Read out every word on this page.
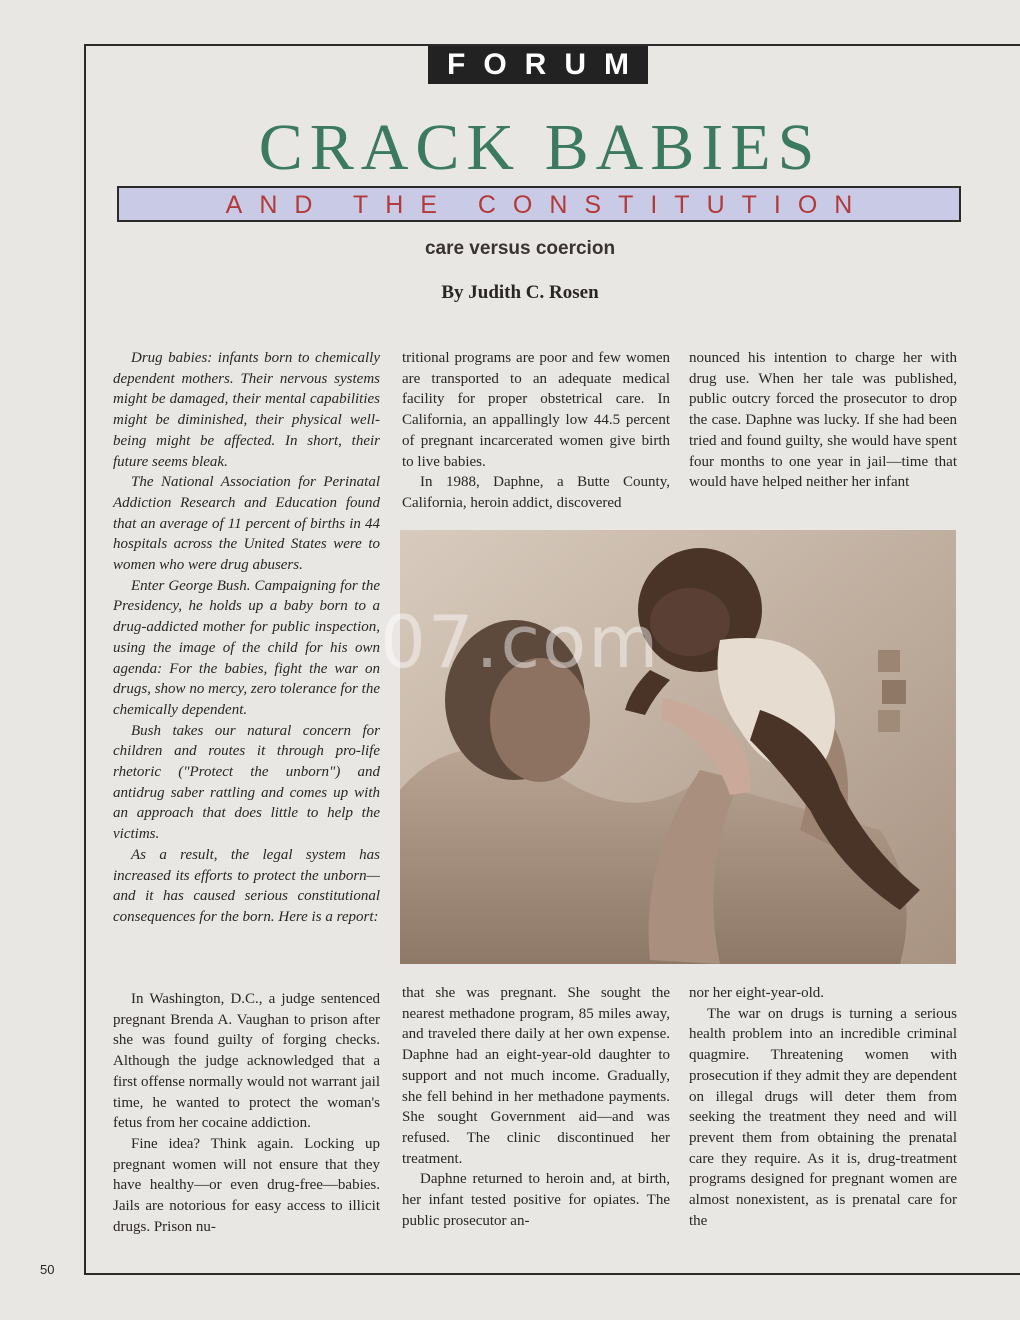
FORUM
CRACK BABIES
AND THE CONSTITUTION
care versus coercion
By Judith C. Rosen

Drug babies: infants born to chemically dependent mothers. Their nervous systems might be damaged, their mental capabilities might be diminished, their physical well-being might be affected. In short, their future seems bleak.

The National Association for Perinatal Addiction Research and Education found that an average of 11 percent of births in 44 hospitals across the United States were to women who were drug abusers.

Enter George Bush. Campaigning for the Presidency, he holds up a baby born to a drug-addicted mother for public inspection, using the image of the child for his own agenda: For the babies, fight the war on drugs, show no mercy, zero tolerance for the chemically dependent.

Bush takes our natural concern for children and routes it through pro-life rhetoric ("Protect the unborn") and antidrug saber rattling and comes up with an approach that does little to help the victims.

As a result, the legal system has increased its efforts to protect the unborn—and it has caused serious constitutional consequences for the born. Here is a report:

In Washington, D.C., a judge sentenced pregnant Brenda A. Vaughan to prison after she was found guilty of forging checks. Although the judge acknowledged that a first offense normally would not warrant jail time, he wanted to protect the woman's fetus from her cocaine addiction.

Fine idea? Think again. Locking up pregnant women will not ensure that they have healthy—or even drug-free—babies. Jails are notorious for easy access to illicit drugs. Prison nu-

tritional programs are poor and few women are transported to an adequate medical facility for proper obstetrical care. In California, an appallingly low 44.5 percent of pregnant incarcerated women give birth to live babies.

In 1988, Daphne, a Butte County, California, heroin addict, discovered

that she was pregnant. She sought the nearest methadone program, 85 miles away, and traveled there daily at her own expense. Daphne had an eight-year-old daughter to support and not much income. Gradually, she fell behind in her methadone payments. She sought Government aid—and was refused. The clinic discontinued her treatment.

Daphne returned to heroin and, at birth, her infant tested positive for opiates. The public prosecutor an-

nounced his intention to charge her with drug use. When her tale was published, public outcry forced the prosecutor to drop the case. Daphne was lucky. If she had been tried and found guilty, she would have spent four months to one year in jail—time that would have helped neither her infant

nor her eight-year-old.

The war on drugs is turning a serious health problem into an incredible criminal quagmire. Threatening women with prosecution if they admit they are dependent on illegal drugs will deter them from seeking the treatment they need and will prevent them from obtaining the prenatal care they require. As it is, drug-treatment programs designed for pregnant women are almost nonexistent, as is prenatal care for the

07.com
50
